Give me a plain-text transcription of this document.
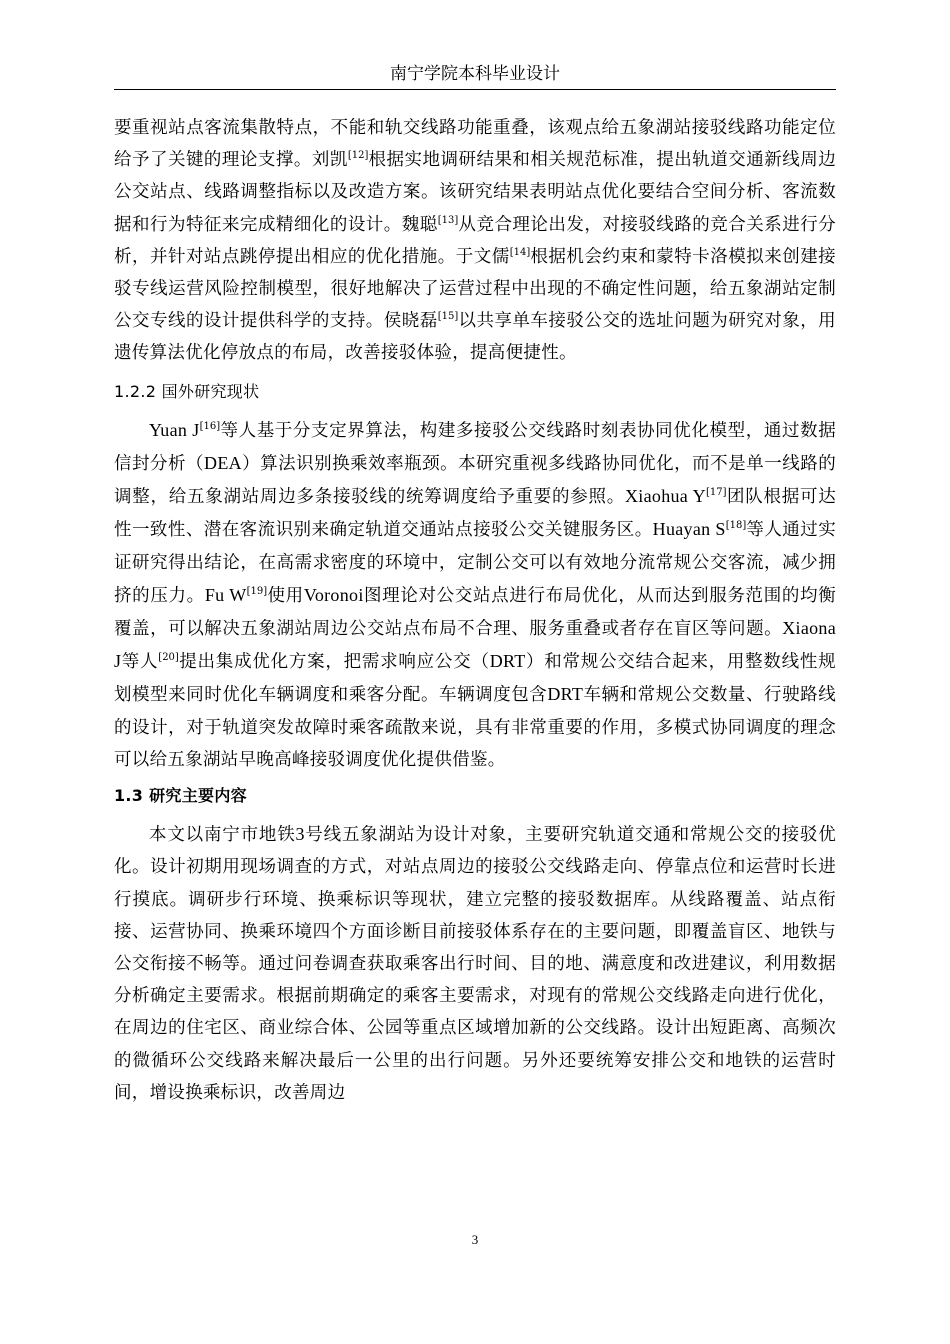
南宁学院本科毕业设计

要重视站点客流集散特点，不能和轨交线路功能重叠，该观点给五象湖站接驳线路功能定位给予了关键的理论支撑。刘凯[12]根据实地调研结果和相关规范标准，提出轨道交通新线周边公交站点、线路调整指标以及改造方案。该研究结果表明站点优化要结合空间分析、客流数据和行为特征来完成精细化的设计。魏聪[13]从竞合理论出发，对接驳线路的竞合关系进行分析，并针对站点跳停提出相应的优化措施。于文儒[14]根据机会约束和蒙特卡洛模拟来创建接驳专线运营风险控制模型，很好地解决了运营过程中出现的不确定性问题，给五象湖站定制公交专线的设计提供科学的支持。侯晓磊[15]以共享单车接驳公交的选址问题为研究对象，用遗传算法优化停放点的布局，改善接驳体验，提高便捷性。

1.2.2 国外研究现状

Yuan J[16]等人基于分支定界算法，构建多接驳公交线路时刻表协同优化模型，通过数据信封分析（DEA）算法识别换乘效率瓶颈。本研究重视多线路协同优化，而不是单一线路的调整，给五象湖站周边多条接驳线的统筹调度给予重要的参照。Xiaohua Y[17]团队根据可达性一致性、潜在客流识别来确定轨道交通站点接驳公交关键服务区。Huayan S[18]等人通过实证研究得出结论，在高需求密度的环境中，定制公交可以有效地分流常规公交客流，减少拥挤的压力。Fu W[19]使用Voronoi图理论对公交站点进行布局优化，从而达到服务范围的均衡覆盖，可以解决五象湖站周边公交站点布局不合理、服务重叠或者存在盲区等问题。Xiaona J等人[20]提出集成优化方案，把需求响应公交（DRT）和常规公交结合起来，用整数线性规划模型来同时优化车辆调度和乘客分配。车辆调度包含DRT车辆和常规公交数量、行驶路线的设计，对于轨道突发故障时乘客疏散来说，具有非常重要的作用，多模式协同调度的理念可以给五象湖站早晚高峰接驳调度优化提供借鉴。

1.3 研究主要内容

本文以南宁市地铁3号线五象湖站为设计对象，主要研究轨道交通和常规公交的接驳优化。设计初期用现场调查的方式，对站点周边的接驳公交线路走向、停靠点位和运营时长进行摸底。调研步行环境、换乘标识等现状，建立完整的接驳数据库。从线路覆盖、站点衔接、运营协同、换乘环境四个方面诊断目前接驳体系存在的主要问题，即覆盖盲区、地铁与公交衔接不畅等。通过问卷调查获取乘客出行时间、目的地、满意度和改进建议，利用数据分析确定主要需求。根据前期确定的乘客主要需求，对现有的常规公交线路走向进行优化，在周边的住宅区、商业综合体、公园等重点区域增加新的公交线路。设计出短距离、高频次的微循环公交线路来解决最后一公里的出行问题。另外还要统筹安排公交和地铁的运营时间，增设换乘标识，改善周边

3
